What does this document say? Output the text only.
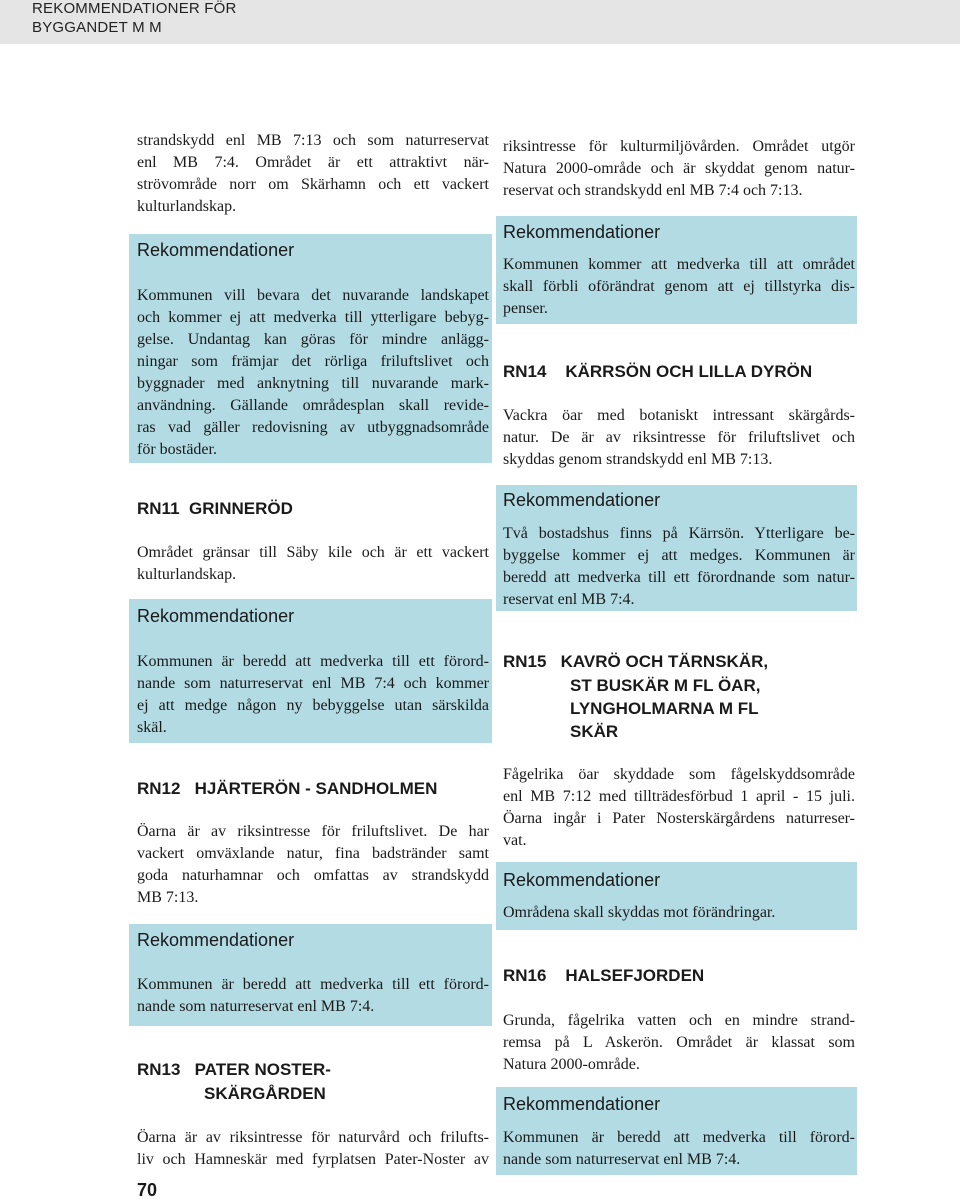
REKOMMENDATIONER FÖR
BYGGANDET M M
strandskydd enl MB 7:13 och som naturreservat
enl MB 7:4. Området är ett attraktivt när-
strövområde norr om Skärhamn och ett vackert
kulturlandskap.
Rekommendationer
Kommunen vill bevara det nuvarande landskapet
och kommer ej att medverka till ytterligare bebyg-
gelse. Undantag kan göras för mindre anlägg-
ningar som främjar det rörliga friluftslivet och
byggnader med anknytning till nuvarande mark-
användning. Gällande områdesplan skall revide-
ras vad gäller redovisning av utbyggnadsområde
för bostäder.
RN11  GRINNERÖD
Området gränsar till Säby kile och är ett vackert
kulturlandskap.
Rekommendationer
Kommunen är beredd att medverka till ett förord-
nande som naturreservat enl MB 7:4 och kommer
ej att medge någon ny bebyggelse utan särskilda
skäl.
RN12   HJÄRTERÖN - SANDHOLMEN
Öarna är av riksintresse för friluftslivet. De har
vackert omväxlande natur, fina badstränder samt
goda naturhamnar och omfattas av strandskydd
MB 7:13.
Rekommendationer
Kommunen är beredd att medverka till ett förord-
nande som naturreservat enl MB 7:4.
RN13   PATER NOSTER-
SKÄRGÅRDEN
Öarna är av riksintresse för naturvård och frilufts-
liv och Hamneskär med fyrplatsen Pater-Noster av
70
riksintresse för kulturmiljövården. Området utgör
Natura 2000-område och är skyddat genom natur-
reservat och strandskydd enl MB 7:4 och 7:13.
Rekommendationer
Kommunen kommer att medverka till att området
skall förbli oförändrat genom att ej tillstyrka dis-
penser.
RN14    KÄRRSÖN OCH LILLA DYRÖN
Vackra öar med botaniskt intressant skärgårds-
natur. De är av riksintresse för friluftslivet och
skyddas genom strandskydd enl MB 7:13.
Rekommendationer
Två bostadshus finns på Kärrsön. Ytterligare be-
byggelse kommer ej att medges. Kommunen är
beredd att medverka till ett förordnande som natur-
reservat enl MB 7:4.
RN15   KAVRÖ OCH TÄRNSKÄR,
ST BUSKÄR M FL ÖAR,
LYNGHOLMARNA M FL
SKÄR
Fågelrika öar skyddade som fågelskyddsområde
enl MB 7:12 med tillträdesförbud 1 april - 15 juli.
Öarna ingår i Pater Nosterskärgårdens naturreser-
vat.
Rekommendationer
Områdena skall skyddas mot förändringar.
RN16    HALSEFJORDEN
Grunda, fågelrika vatten och en mindre strand-
remsa på L Askerön. Området är klassat som
Natura 2000-område.
Rekommendationer
Kommunen är beredd att medverka till förord-
nande som naturreservat enl MB 7:4.
